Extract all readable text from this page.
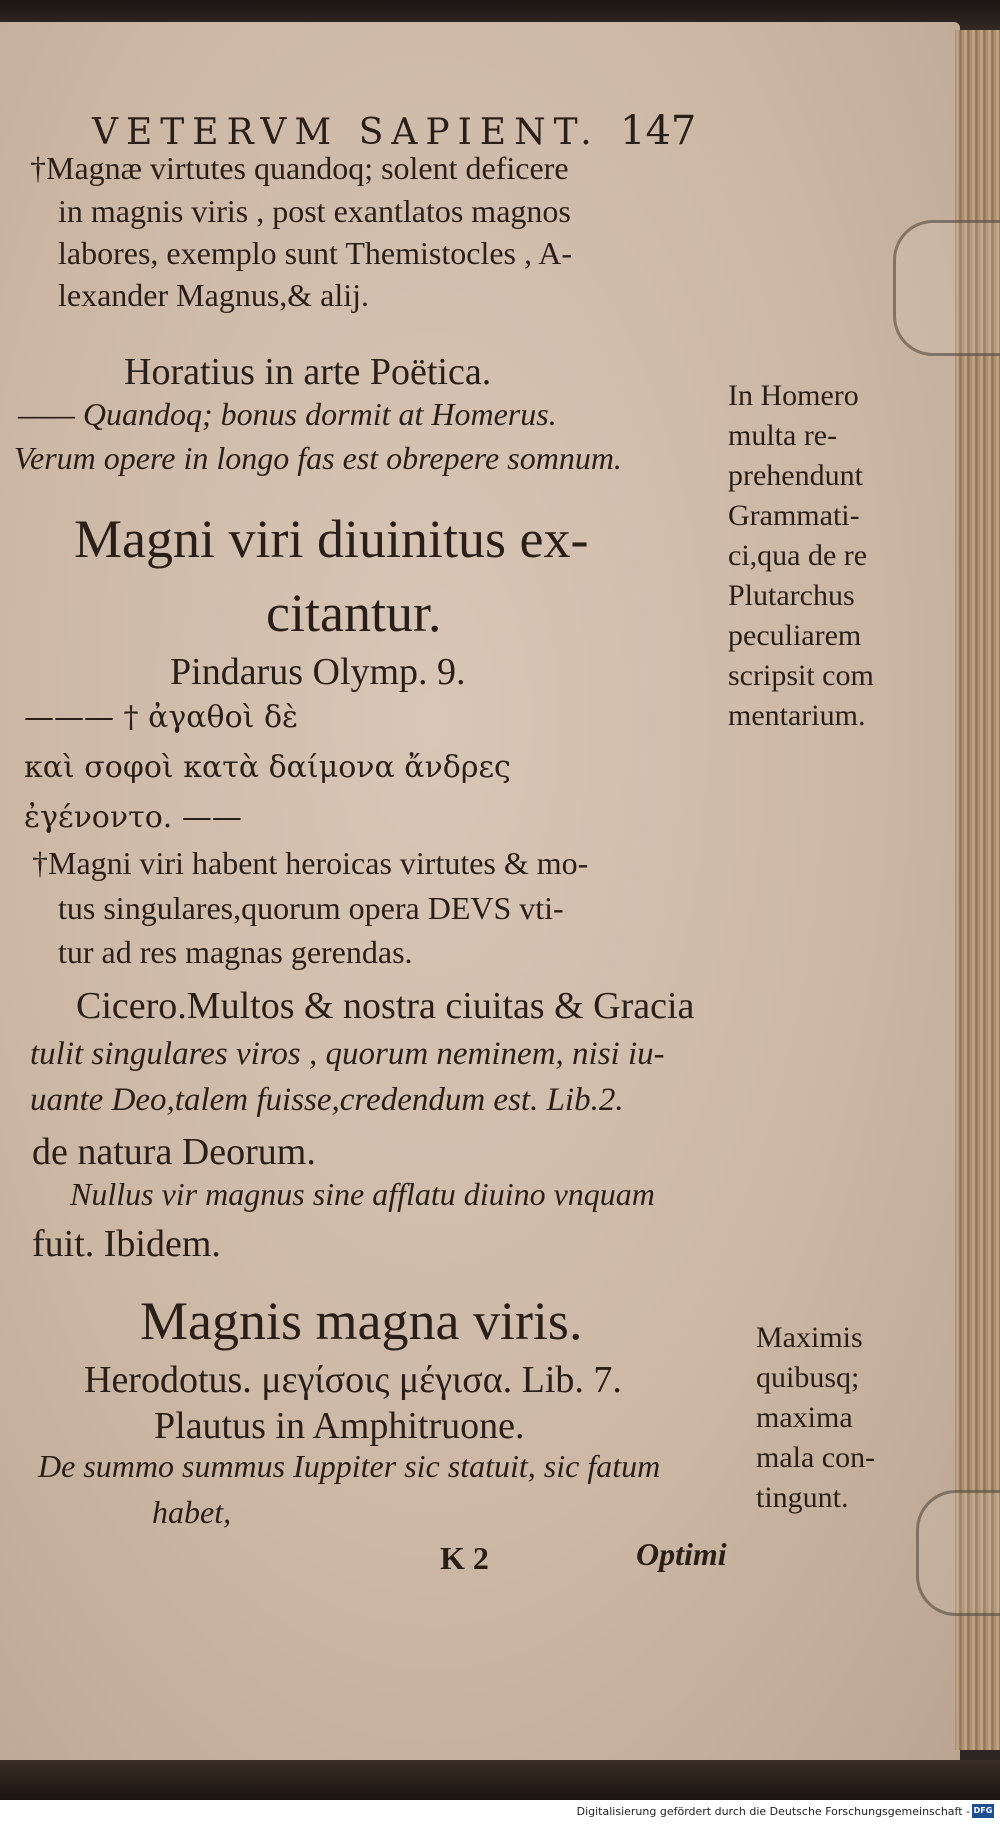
VETERVM SAPIENT. 147
†Magnæ virtutes quandoq; solent deficere
in magnis viris , post exantlatos magnos
labores, exemplo sunt Themistocles , A-
lexander Magnus,& alij.
Horatius in arte Poëtica.
—— Quandoq; bonus dormit at Homerus.
Verum opere in longo fas est obrepere somnum.
Magni viri diuinitus ex-
citantur.
Pindarus Olymp. 9.
——— † ἀγαθοὶ δὲ
καὶ σοφοὶ κατὰ δαίμονα ἄνδρες
ἐγένοντο. ——
†Magni viri habent heroicas virtutes & mo-
tus singulares,quorum opera DEVS vti-
tur ad res magnas gerendas.
Cicero.Multos & nostra ciuitas & Gracia
tulit singulares viros , quorum neminem, nisi iu-
uante Deo,talem fuisse,credendum est. Lib.2.
de natura Deorum.
Nullus vir magnus sine afflatu diuino vnquam
fuit. Ibidem.
Magnis magna viris.
Herodotus. μεγίσοις μέγισα. Lib. 7.
Plautus in Amphitruone.
De summo summus Iuppiter sic statuit, sic fatum
habet,
K 2	Optimi
In Homero
multa re-
prehendunt
Grammati-
ci,qua de re
Plutarchus
peculiarem
scripsit com
mentarium.
Maximis
quibusq;
maxima
mala con-
tingunt.
Digitalisierung gefördert durch die Deutsche Forschungsgemeinschaft - DFG
